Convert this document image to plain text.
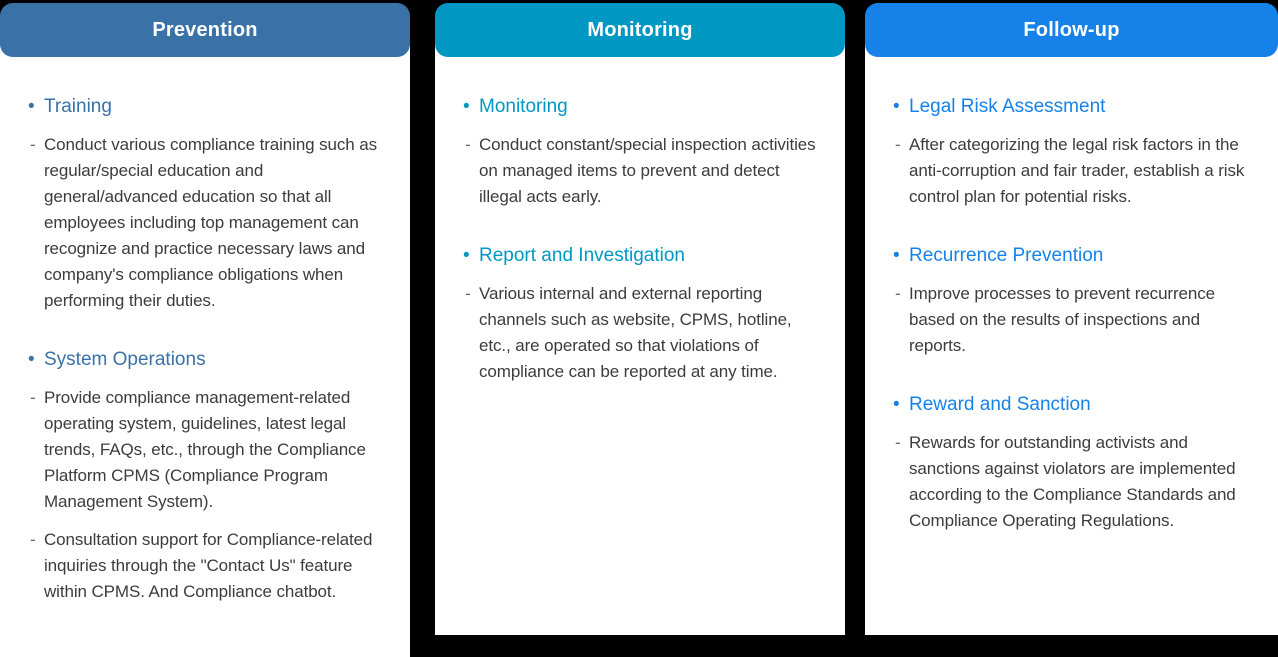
Prevention
• Training
- Conduct various compliance training such as regular/special education and general/advanced education so that all employees including top management can recognize and practice necessary laws and company's compliance obligations when performing their duties.
• System Operations
- Provide compliance management-related operating system, guidelines, latest legal trends, FAQs, etc., through the Compliance Platform CPMS (Compliance Program Management System).
- Consultation support for Compliance-related inquiries through the "Contact Us" feature within CPMS. And Compliance chatbot.
Monitoring
• Monitoring
- Conduct constant/special inspection activities on managed items to prevent and detect illegal acts early.
• Report and Investigation
- Various internal and external reporting channels such as website, CPMS, hotline, etc., are operated so that violations of compliance can be reported at any time.
Follow-up
• Legal Risk Assessment
- After categorizing the legal risk factors in the anti-corruption and fair trader, establish a risk control plan for potential risks.
• Recurrence Prevention
- Improve processes to prevent recurrence based on the results of inspections and reports.
• Reward and Sanction
- Rewards for outstanding activists and sanctions against violators are implemented according to the Compliance Standards and Compliance Operating Regulations.
